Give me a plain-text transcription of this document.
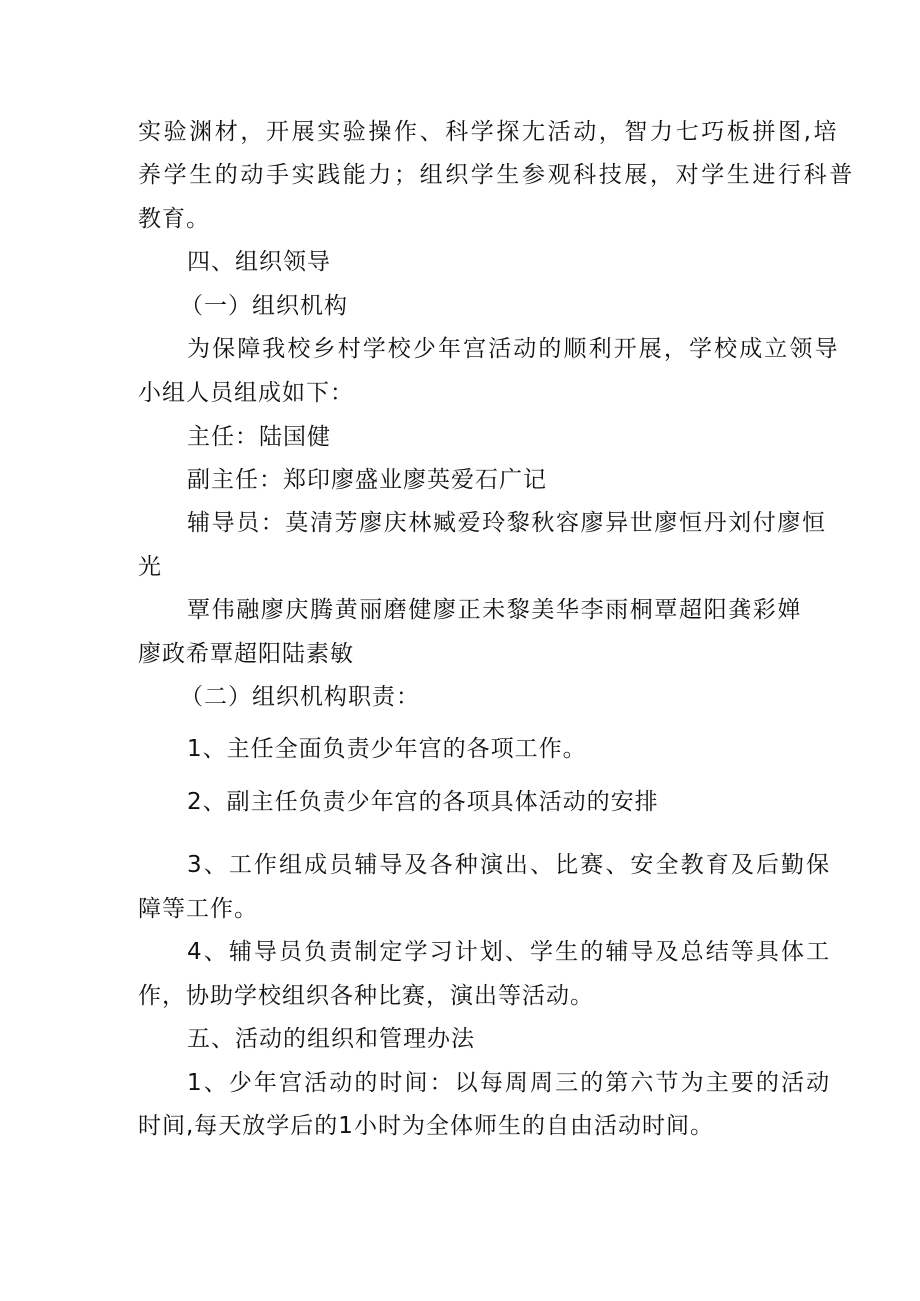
实验渊材，开展实验操作、科学探尢活动，智力七巧板拼图,培
养学生的动手实践能力；组织学生参观科技展，对学生进行科普
教育。
四、组织领导
（一）组织机构
为保障我校乡村学校少年宫活动的顺利开展，学校成立领导
小组人员组成如下：
主任：陆国健
副主任：郑印廖盛业廖英爱石广记
辅导员：莫清芳廖庆林臧爱玲黎秋容廖异世廖恒丹刘付廖恒
光
覃伟融廖庆腾黄丽磨健廖正未黎美华李雨桐覃超阳龚彩婵
廖政希覃超阳陆素敏
（二）组织机构职责：
1、主任全面负责少年宫的各项工作。
2、副主任负责少年宫的各项具体活动的安排
3、工作组成员辅导及各种演出、比赛、安全教育及后勤保
障等工作。
4、辅导员负责制定学习计划、学生的辅导及总结等具体工
作，协助学校组织各种比赛，演出等活动。
五、活动的组织和管理办法
1、少年宫活动的时间：以每周周三的第六节为主要的活动
时间,每天放学后的1小时为全体师生的自由活动时间。
